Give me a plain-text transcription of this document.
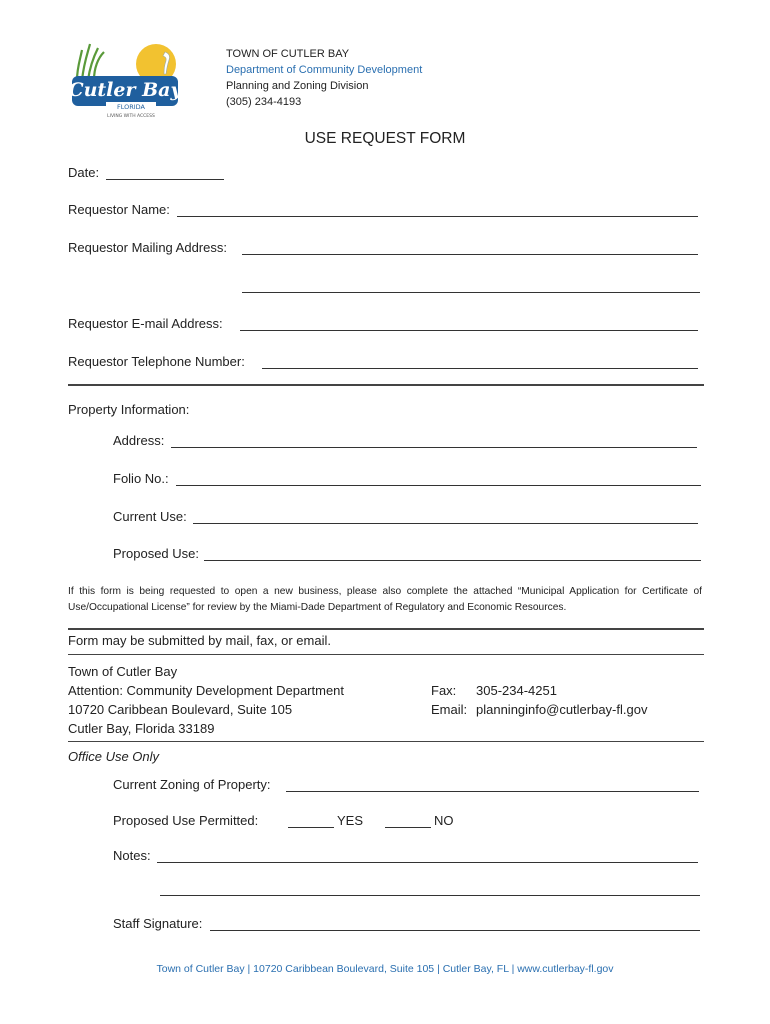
Cutler Bay
FLORIDA
LIVING WITH ACCESS
TOWN OF CUTLER BAY
Department of Community Development
Planning and Zoning Division
(305) 234-4193
USE REQUEST FORM
Date:
Requestor Name:
Requestor Mailing Address:
Requestor E-mail Address:
Requestor Telephone Number:
Property Information:
Address:
Folio No.:
Current Use:
Proposed Use:
If this form is being requested to open a new business, please also complete the attached “Municipal Application for Certificate of Use/Occupational License” for review by the Miami-Dade Department of Regulatory and Economic Resources.
Form may be submitted by mail, fax, or email.
Town of Cutler Bay
Attention: Community Development Department
10720 Caribbean Boulevard, Suite 105
Cutler Bay, Florida 33189
Fax: 305-234-4251
Email: planninginfo@cutlerbay-fl.gov
Office Use Only
Current Zoning of Property:
Proposed Use Permitted:	YES	NO
Notes:
Staff Signature:
Town of Cutler Bay | 10720 Caribbean Boulevard, Suite 105 | Cutler Bay, FL | www.cutlerbay-fl.gov
